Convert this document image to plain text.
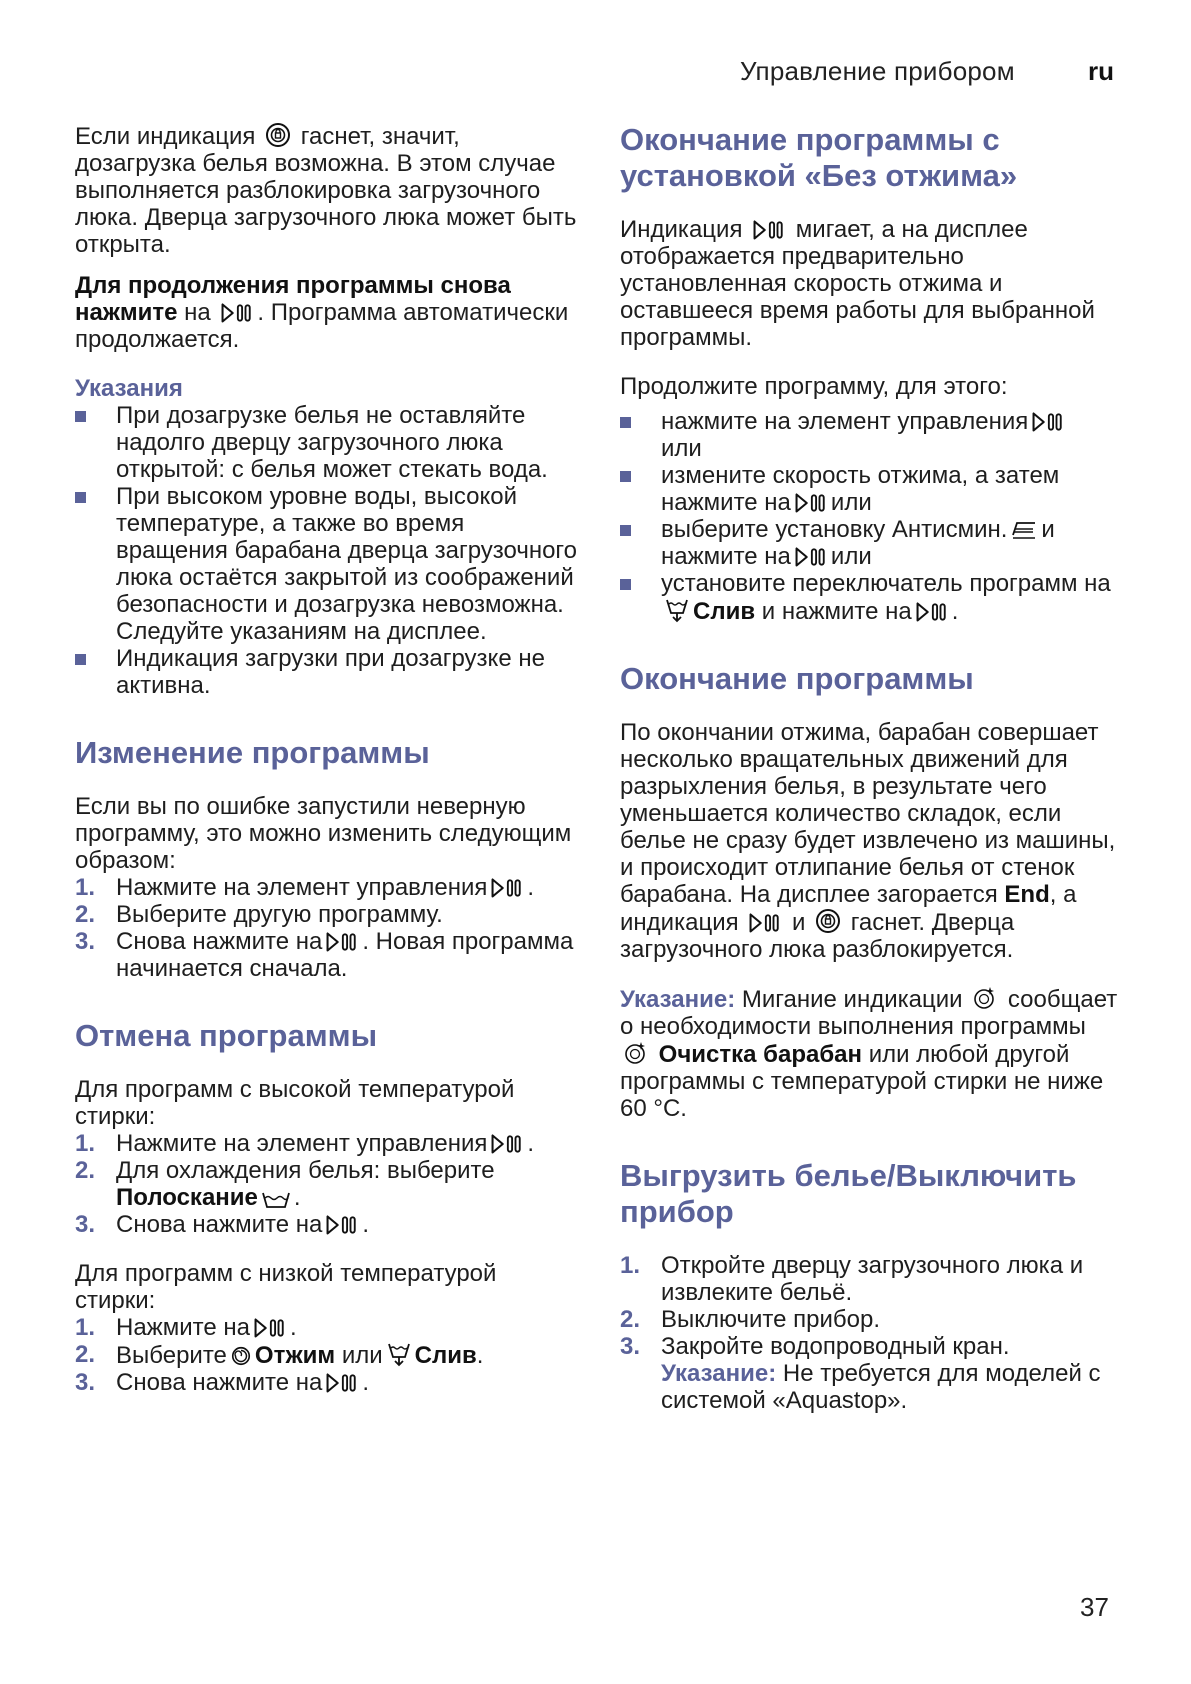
Управление прибором	ru

Если индикация гаснет, значит, дозагрузка белья возможна. В этом случае выполняется разблокировка загрузочного люка. Дверца загрузочного люка может быть открыта.

Для продолжения программы снова нажмите на . Программа автоматически продолжается.

Указания
При дозагрузке белья не оставляйте надолго дверцу загрузочного люка открытой: с белья может стекать вода.
При высоком уровне воды, высокой температуре, а также во время вращения барабана дверца загрузочного люка остаётся закрытой из соображений безопасности и дозагрузка невозможна. Следуйте указаниям на дисплее.
Индикация загрузки при дозагрузке не активна.
Изменение программы

Если вы по ошибке запустили неверную программу, это можно изменить следующим образом:

1. Нажмите на элемент управления .
2. Выберите другую программу.
3. Снова нажмите на . Новая программа начинается сначала.
Отмена программы

Для программ с высокой температурой стирки:

1. Нажмите на элемент управления .
2. Для охлаждения белья: выберите
Полоскание .
3. Снова нажмите на .

Для программ с низкой температурой стирки:

1. Нажмите на .
2. Выберите Отжим или Слив.
3. Снова нажмите на .
Окончание программы с установкой «Без отжима»

Индикация мигает, а на дисплее отображается предварительно установленная скорость отжима и оставшееся время работы для выбранной программы.

Продолжите программу, для этого:

нажмите на элемент управления
или
измените скорость отжима, а затем нажмите на или
выберите установку Антисмин. и нажмите на или
установите переключатель программ наСлив и нажмите на .
Окончание программы

По окончании отжима, барабан совершает несколько вращательных движений для разрыхления белья, в результате чего уменьшается количество складок, если белье не сразу будет извлечено из машины, и происходит отлипание белья от стенок барабана. На дисплее загорается End, а индикация и гаснет. Дверца загрузочного люка разблокируется.

Указание: Мигание индикации сообщает о необходимости выполнения программы  Очистка барабан или любой другой программы с температурой стирки не ниже 60 °C.

Выгрузить белье/Выключить прибор
1. Откройте дверцу загрузочного люка и извлеките бельё.
2. Выключите прибор.
3. Закройте водопроводный кран.
Указание: Не требуется для моделей с системой «Aquastop».
37
